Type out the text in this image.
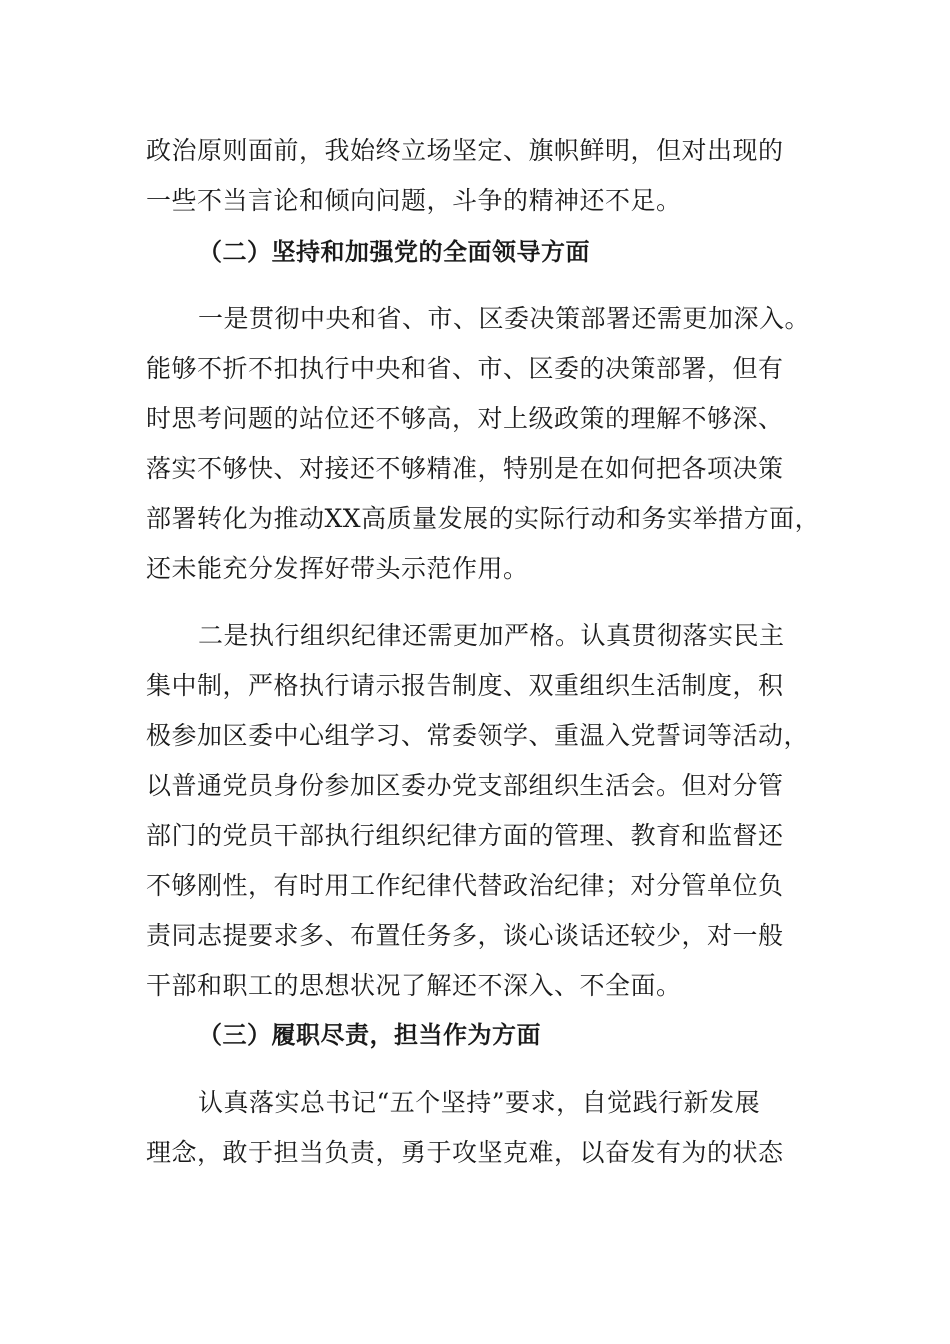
政治原则面前，我始终立场坚定、旗帜鲜明，但对出现的
一些不当言论和倾向问题，斗争的精神还不足。
（二）坚持和加强党的全面领导方面
一是贯彻中央和省、市、区委决策部署还需更加深入。
能够不折不扣执行中央和省、市、区委的决策部署，但有
时思考问题的站位还不够高，对上级政策的理解不够深、
落实不够快、对接还不够精准，特别是在如何把各项决策
部署转化为推动XX高质量发展的实际行动和务实举措方面，
还未能充分发挥好带头示范作用。
二是执行组织纪律还需更加严格。认真贯彻落实民主
集中制，严格执行请示报告制度、双重组织生活制度，积
极参加区委中心组学习、常委领学、重温入党誓词等活动，
以普通党员身份参加区委办党支部组织生活会。但对分管
部门的党员干部执行组织纪律方面的管理、教育和监督还
不够刚性，有时用工作纪律代替政治纪律；对分管单位负
责同志提要求多、布置任务多，谈心谈话还较少，对一般
干部和职工的思想状况了解还不深入、不全面。
（三）履职尽责，担当作为方面
认真落实总书记“五个坚持”要求，自觉践行新发展
理念，敢于担当负责，勇于攻坚克难，以奋发有为的状态
